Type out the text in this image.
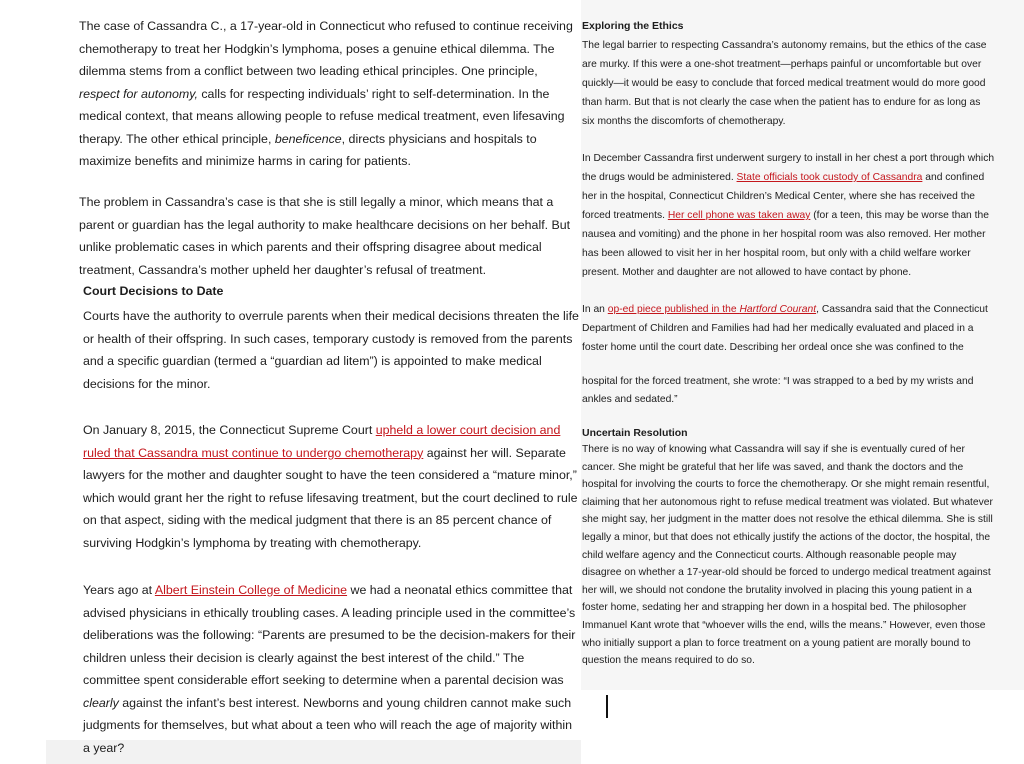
The case of Cassandra C., a 17-year-old in Connecticut who refused to continue receiving chemotherapy to treat her Hodgkin’s lymphoma, poses a genuine ethical dilemma. The dilemma stems from a conflict between two leading ethical principles. One principle, respect for autonomy, calls for respecting individuals’ right to self-determination. In the medical context, that means allowing people to refuse medical treatment, even lifesaving therapy. The other ethical principle, beneficence, directs physicians and hospitals to maximize benefits and minimize harms in caring for patients.

The problem in Cassandra’s case is that she is still legally a minor, which means that a parent or guardian has the legal authority to make healthcare decisions on her behalf. But unlike problematic cases in which parents and their offspring disagree about medical treatment, Cassandra’s mother upheld her daughter’s refusal of treatment.

Court Decisions to Date

Courts have the authority to overrule parents when their medical decisions threaten the life or health of their offspring. In such cases, temporary custody is removed from the parents and a specific guardian (termed a “guardian ad litem”) is appointed to make medical decisions for the minor.

On January 8, 2015, the Connecticut Supreme Court upheld a lower court decision and ruled that Cassandra must continue to undergo chemotherapy against her will. Separate lawyers for the mother and daughter sought to have the teen considered a “mature minor,” which would grant her the right to refuse lifesaving treatment, but the court declined to rule on that aspect, siding with the medical judgment that there is an 85 percent chance of surviving Hodgkin’s lymphoma by treating with chemotherapy.

Years ago at Albert Einstein College of Medicine we had a neonatal ethics committee that advised physicians in ethically troubling cases. A leading principle used in the committee’s deliberations was the following: “Parents are presumed to be the decision-makers for their children unless their decision is clearly against the best interest of the child.” The committee spent considerable effort seeking to determine when a parental decision was clearly against the infant’s best interest. Newborns and young children cannot make such judgments for themselves, but what about a teen who will reach the age of majority within a year?

Exploring the Ethics

The legal barrier to respecting Cassandra’s autonomy remains, but the ethics of the case
are murky. If this were a one-shot treatment—perhaps painful or uncomfortable but over
quickly—it would be easy to conclude that forced medical treatment would do more good
than harm. But that is not clearly the case when the patient has to endure for as long as
six months the discomforts of chemotherapy.

In December Cassandra first underwent surgery to install in her chest a port through which
the drugs would be administered. State officials took custody of Cassandra and confined
her in the hospital, Connecticut Children’s Medical Center, where she has received the
forced treatments. Her cell phone was taken away (for a teen, this may be worse than the
nausea and vomiting) and the phone in her hospital room was also removed. Her mother
has been allowed to visit her in her hospital room, but only with a child welfare worker
present. Mother and daughter are not allowed to have contact by phone.

In an op-ed piece published in the Hartford Courant, Cassandra said that the Connecticut
Department of Children and Families had had her medically evaluated and placed in a
foster home until the court date. Describing her ordeal once she was confined to the

hospital for the forced treatment, she wrote: “I was strapped to a bed by my wrists and
ankles and sedated.”

Uncertain Resolution

There is no way of knowing what Cassandra will say if she is eventually cured of her
cancer. She might be grateful that her life was saved, and thank the doctors and the
hospital for involving the courts to force the chemotherapy. Or she might remain resentful,
claiming that her autonomous right to refuse medical treatment was violated. But whatever
she might say, her judgment in the matter does not resolve the ethical dilemma. She is still
legally a minor, but that does not ethically justify the actions of the doctor, the hospital, the
child welfare agency and the Connecticut courts. Although reasonable people may
disagree on whether a 17-year-old should be forced to undergo medical treatment against
her will, we should not condone the brutality involved in placing this young patient in a
foster home, sedating her and strapping her down in a hospital bed. The philosopher
Immanuel Kant wrote that “whoever wills the end, wills the means.” However, even those
who initially support a plan to force treatment on a young patient are morally bound to
question the means required to do so.
